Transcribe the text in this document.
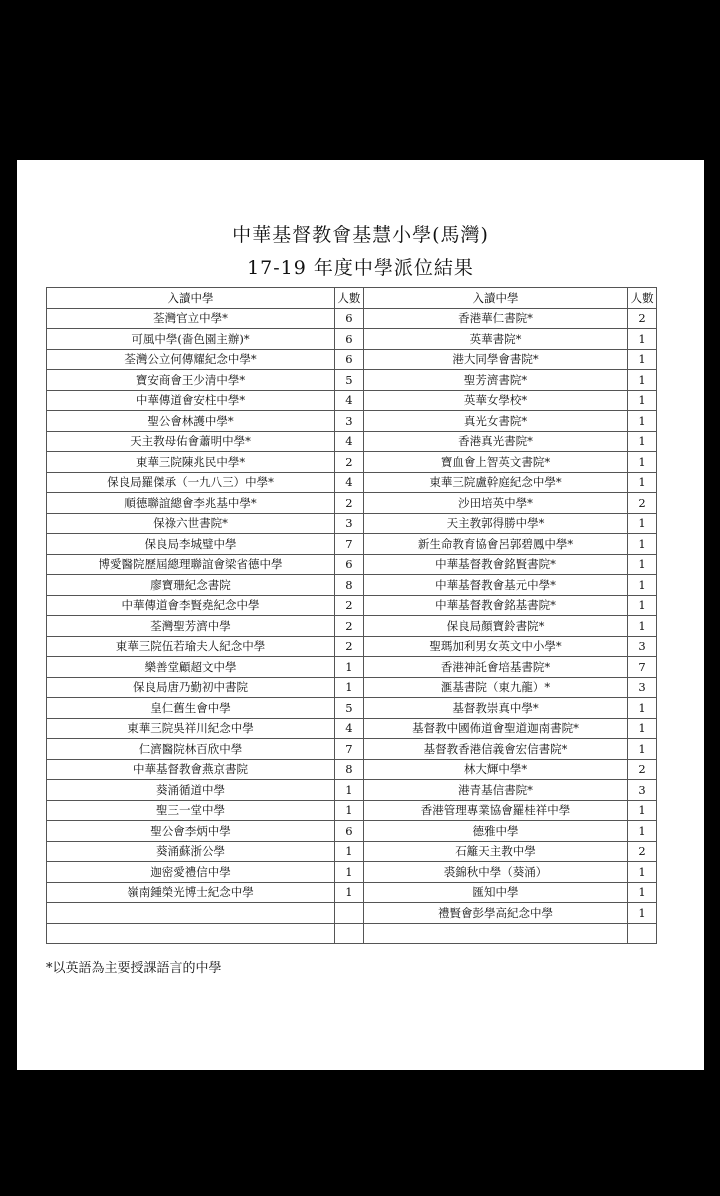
中華基督教會基慧小學(馬灣)
17-19 年度中學派位結果
入讀中學	人數	入讀中學	人數
荃灣官立中學*	6	香港華仁書院*	2
可風中學(嗇色園主辦)*	6	英華書院*	1
荃灣公立何傳耀紀念中學*	6	港大同學會書院*	1
寶安商會王少清中學*	5	聖芳濟書院*	1
中華傳道會安柱中學*	4	英華女學校*	1
聖公會林護中學*	3	真光女書院*	1
天主教母佑會蕭明中學*	4	香港真光書院*	1
東華三院陳兆民中學*	2	寶血會上智英文書院*	1
保良局羅傑承（一九八三）中學*	4	東華三院盧幹庭紀念中學*	1
順德聯誼總會李兆基中學*	2	沙田培英中學*	2
保祿六世書院*	3	天主教郭得勝中學*	1
保良局李城璧中學	7	新生命教育協會呂郭碧鳳中學*	1
博愛醫院歷屆總理聯誼會梁省德中學	6	中華基督教會銘賢書院*	1
廖寶珊紀念書院	8	中華基督教會基元中學*	1
中華傳道會李賢堯紀念中學	2	中華基督教會銘基書院*	1
荃灣聖芳濟中學	2	保良局顏寶鈴書院*	1
東華三院伍若瑜夫人紀念中學	2	聖瑪加利男女英文中小學*	3
樂善堂顧超文中學	1	香港神託會培基書院*	7
保良局唐乃勤初中書院	1	滙基書院（東九龍）*	3
皇仁舊生會中學	5	基督教崇真中學*	1
東華三院吳祥川紀念中學	4	基督教中國佈道會聖道迦南書院*	1
仁濟醫院林百欣中學	7	基督教香港信義會宏信書院*	1
中華基督教會燕京書院	8	林大輝中學*	2
葵涌循道中學	1	港青基信書院*	3
聖三一堂中學	1	香港管理專業協會羅桂祥中學	1
聖公會李炳中學	6	德雅中學	1
葵涌蘇浙公學	1	石籬天主教中學	2
迦密愛禮信中學	1	裘錦秋中學（葵涌）	1
嶺南鍾榮光博士紀念中學	1	匯知中學	1
		禮賢會彭學高紀念中學	1

*以英語為主要授課語言的中學
